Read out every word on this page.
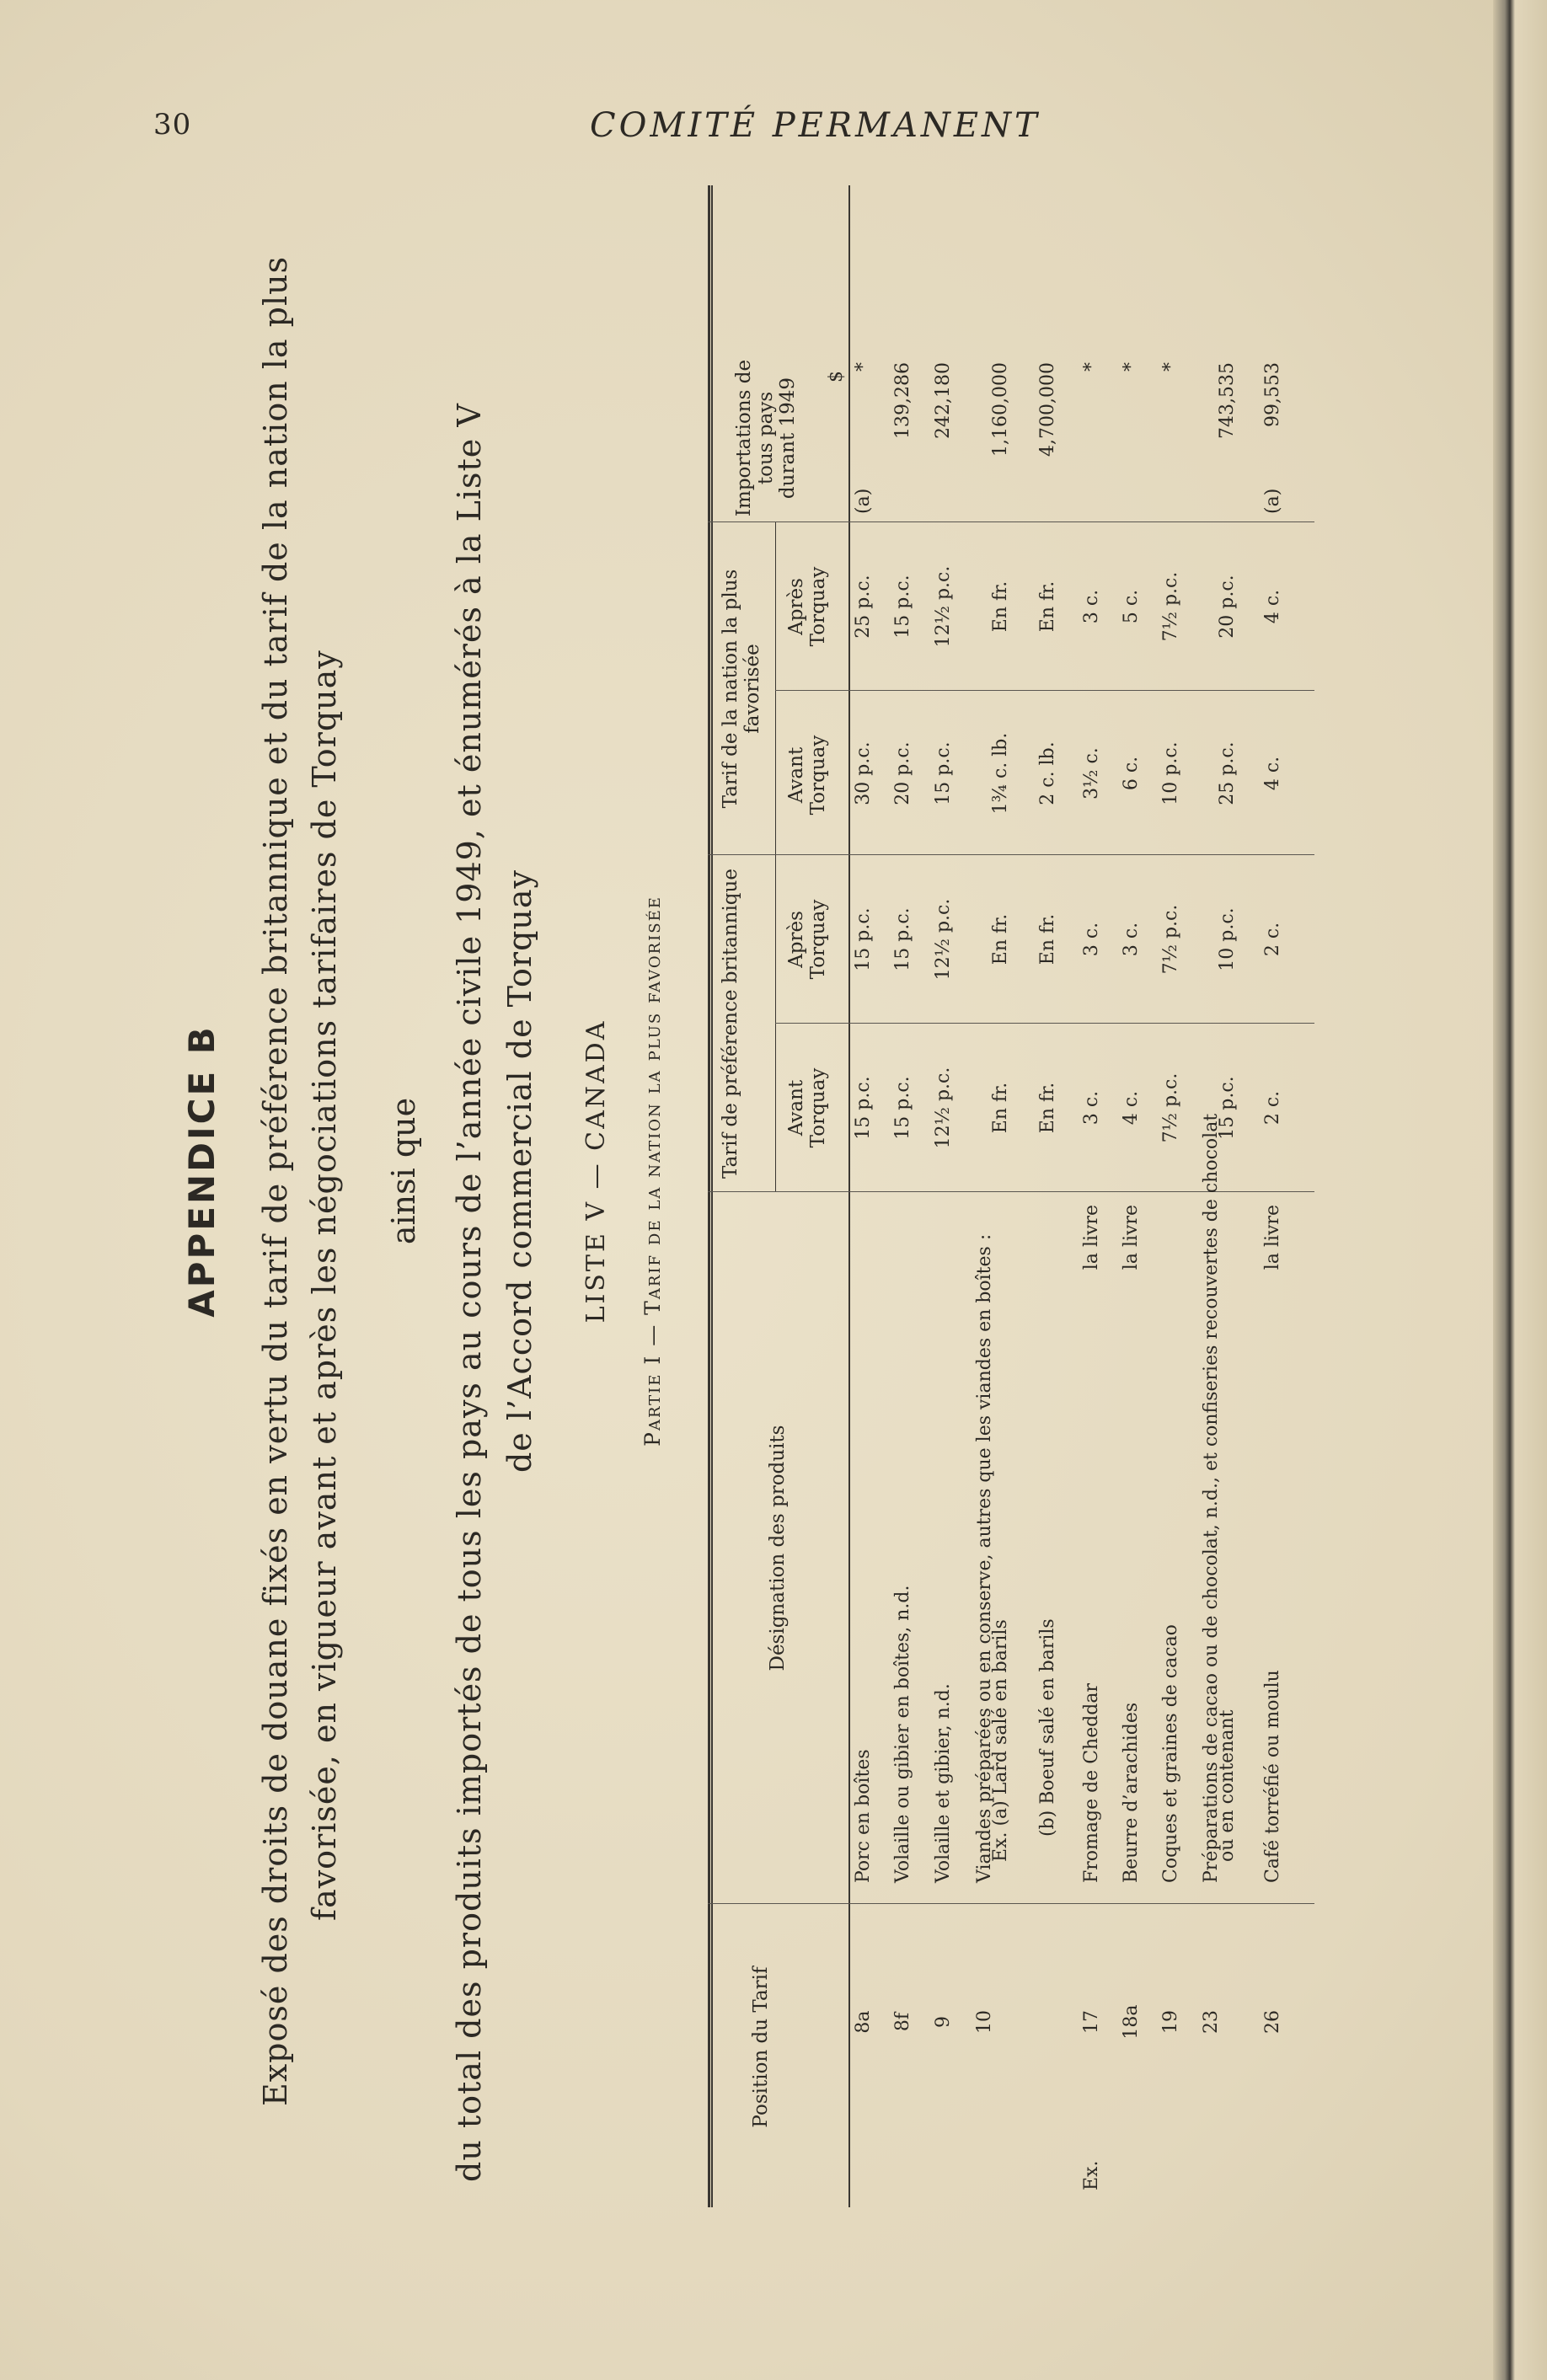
30	COMITÉ PERMANENT
APPENDICE B Exposé des droits de douane fixés en vertu du tarif de préférence britannique et du tarif de la nation la plus favorisée, en vigueur avant et après les négociations tarifaires de Torquay ainsi que du total des produits importés de tous les pays au cours de l’année civile 1949, et énumérés à la Liste V de l’Accord commercial de Torquay LISTE V — CANADA Partie I — Tarif de la nation la plus favorisée
Position du Tarif
Désignation des produits
Tarif de préférence britannique
Tarif de la nation la plus favorisée
Avant Torquay
Après Torquay
Avant Torquay
Après Torquay
Importations de tous pays durant 1949
$
8a
Porc en boîtes
15 p.c.
15 p.c.
30 p.c.
25 p.c.
(a)
*
8f
Volaille ou gibier en boîtes, n.d.
15 p.c.
15 p.c.
20 p.c.
15 p.c.
139,286
9
Volaille et gibier, n.d.
12½ p.c.
12½ p.c.
15 p.c.
12½ p.c.
242,180
10
Viandes préparées ou en conserve, autres que les viandes en boîtes :
Ex. (a) Lard salé en barils
En fr.
En fr.
1¾ c. lb.
En fr.
1,160,000
(b) Boeuf salé en barils
En fr.
En fr.
2 c. lb.
En fr.
4,700,000
Ex.
17
Fromage de Cheddar
la livre
3 c.
3 c.
3½ c.
3 c.
*
18a
Beurre d’arachides
la livre
4 c.
3 c.
6 c.
5 c.
*
19
Coques et graines de cacao
7½ p.c.
7½ p.c.
10 p.c.
7½ p.c.
*
23
Préparations de cacao ou de chocolat, n.d., et confiseries recouvertes de chocolat
ou en contenant
15 p.c.
10 p.c.
25 p.c.
20 p.c.
743,535
26
Café torréfié ou moulu
la livre
2 c.
2 c.
4 c.
4 c.
(a)
99,553
